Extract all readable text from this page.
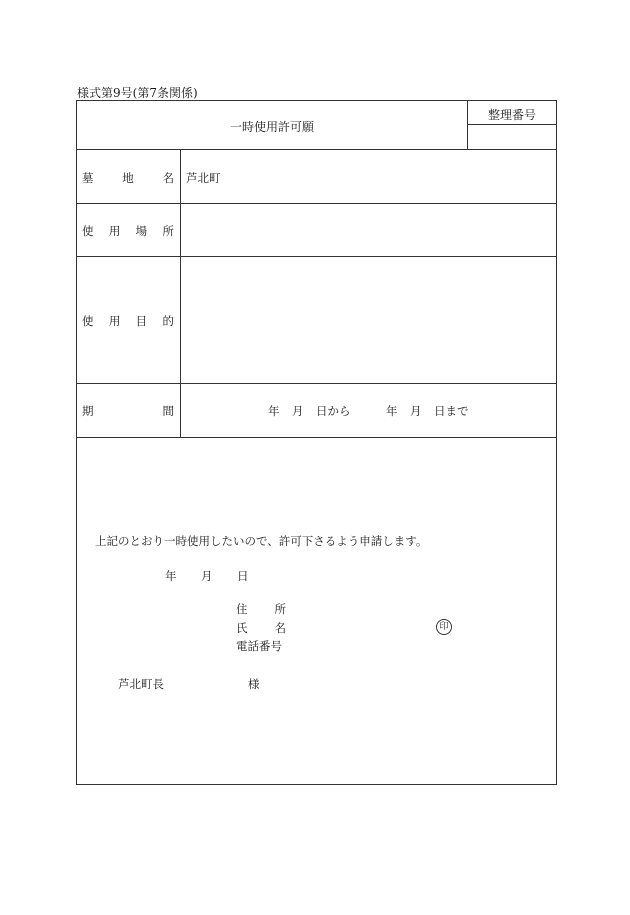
様式第9号(第7条関係)
一時使用許可願
整理番号
墓	地	名 芦北町
使 用 場 所
使 用 目 的
期	間	年 月 日から	年 月 日まで
上記のとおり一時使用したいので、許可下さるよう申請します。
年 月 日
住 所
氏 名	印
電話番号
芦北町長	様
